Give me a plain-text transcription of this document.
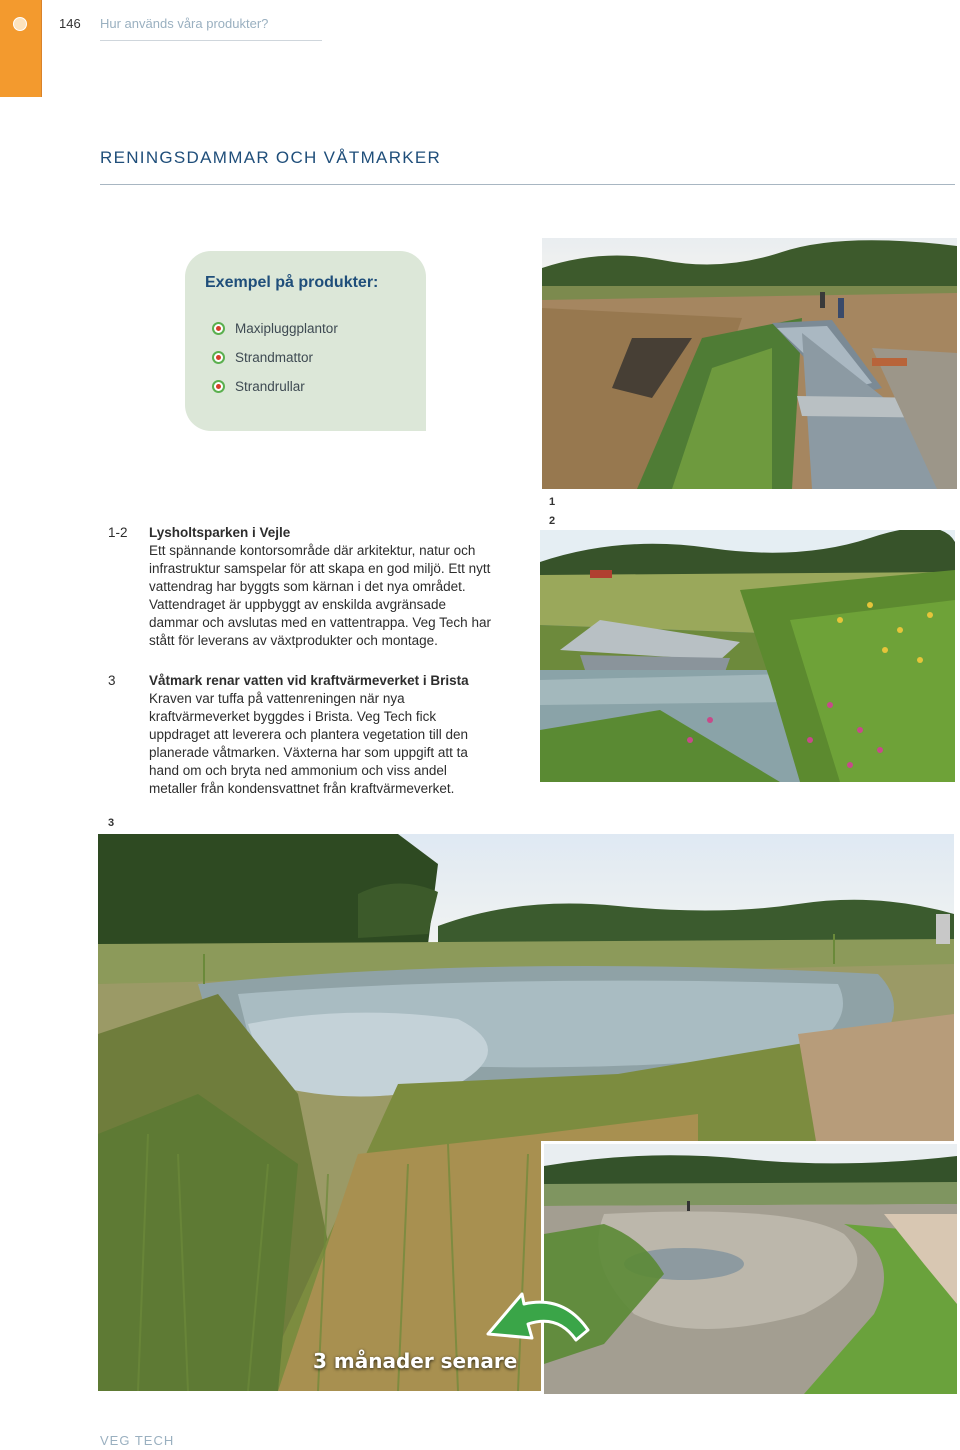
146 Hur används våra produkter?
RENINGSDAMMAR OCH VÅTMARKER
Exempel på produkter:
Maxipluggplantor
Strandmattor
Strandrullar
1
2
1-2 Lysholtsparken i Vejle
Ett spännande kontorsområde där arkitektur, natur och infrastruktur samspelar för att skapa en god miljö. Ett nytt vattendrag har byggts som kärnan i det nya området. Vattendraget är uppbyggt av enskilda avgränsade dammar och avslutas med en vattentrappa. Veg Tech har stått för leverans av växtprodukter och montage.
3 Våtmark renar vatten vid kraftvärmeverket i Brista
Kraven var tuffa på vattenreningen när nya kraftvärmeverket byggdes i Brista. Veg Tech fick uppdraget att leverera och plantera vegetation till den planerade våtmarken. Växterna har som uppgift att ta hand om och bryta ned ammonium och viss andel metaller från kondensvattnet från kraftvärmeverket.
3
3 månader senare
VEG TECH
